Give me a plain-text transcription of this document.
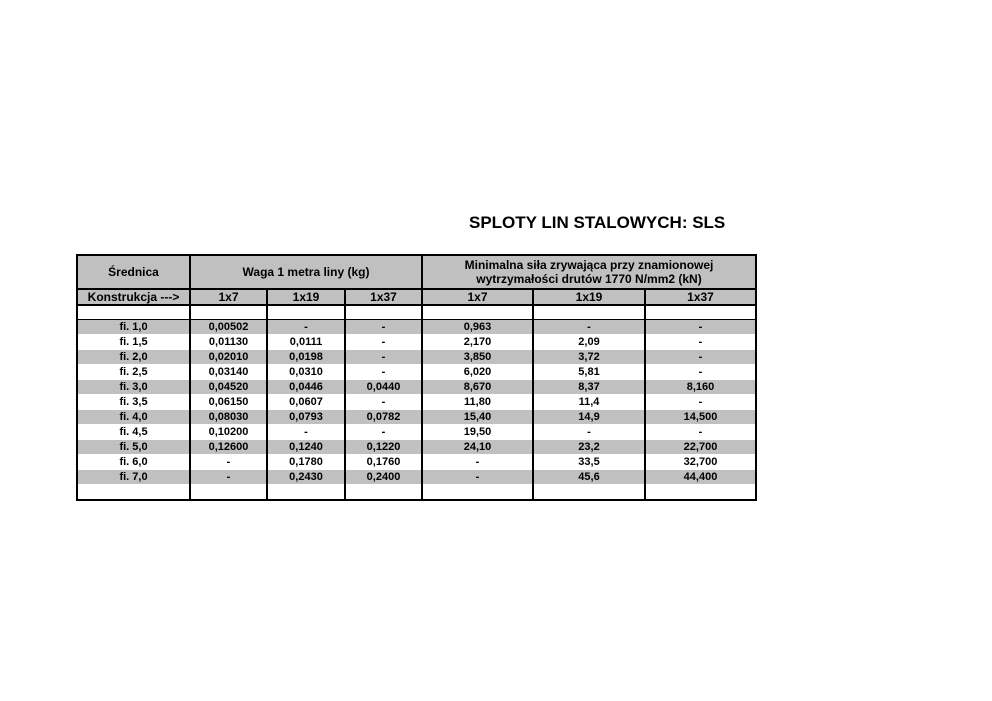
SPLOTY LIN STALOWYCH: SLS
Średnica	Waga 1 metra liny (kg)			Minimalna siła zrywająca przy znamionowej wytrzymałości drutów 1770 N/mm2 (kN)		
Konstrukcja --->	1x7	1x19	1x37	1x7	1x19	1x37

fi. 1,0	0,00502	-	-	0,963	-	-
fi. 1,5	0,01130	0,0111	-	2,170	2,09	-
fi. 2,0	0,02010	0,0198	-	3,850	3,72	-
fi. 2,5	0,03140	0,0310	-	6,020	5,81	-
fi. 3,0	0,04520	0,0446	0,0440	8,670	8,37	8,160
fi. 3,5	0,06150	0,0607	-	11,80	11,4	-
fi. 4,0	0,08030	0,0793	0,0782	15,40	14,9	14,500
fi. 4,5	0,10200	-	-	19,50	-	-
fi. 5,0	0,12600	0,1240	0,1220	24,10	23,2	22,700
fi. 6,0	-	0,1780	0,1760	-	33,5	32,700
fi. 7,0	-	0,2430	0,2400	-	45,6	44,400
